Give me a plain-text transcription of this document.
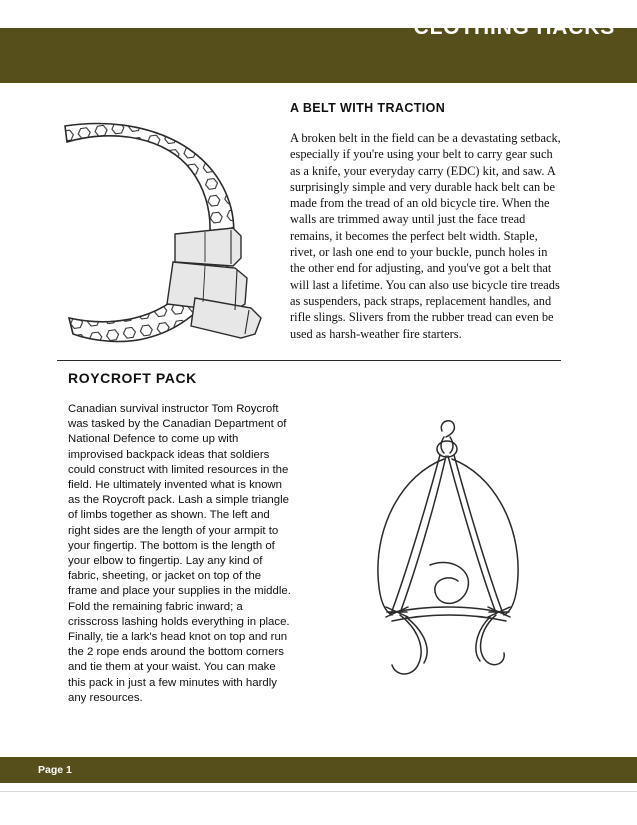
CLOTHING HACKS
A BELT WITH TRACTION
A broken belt in the field can be a devastating setback, especially if you're using your belt to carry gear such as a knife, your everyday carry (EDC) kit, and saw. A surprisingly simple and very durable hack belt can be made from the tread of an old bicycle tire. When the walls are trimmed away until just the face tread remains, it becomes the perfect belt width. Staple, rivet, or lash one end to your buckle, punch holes in the other end for adjusting, and you've got a belt that will last a lifetime. You can also use bicycle tire treads as suspenders, pack straps, replacement handles, and rifle slings. Slivers from the rubber tread can even be used as harsh-weather fire starters.
ROYCROFT PACK
Canadian survival instructor Tom Roycroft was tasked by the Canadian Department of National Defence to come up with improvised backpack ideas that soldiers could construct with limited resources in the field. He ultimately invented what is known as the Roycroft pack. Lash a simple triangle of limbs together as shown. The left and right sides are the length of your armpit to your fingertip. The bottom is the length of your elbow to fingertip. Lay any kind of fabric, sheeting, or jacket on top of the frame and place your supplies in the middle. Fold the remaining fabric inward; a crisscross lashing holds everything in place. Finally, tie a lark's head knot on top and run the 2 rope ends around the bottom corners and tie them at your waist. You can make this pack in just a few minutes with hardly any resources.
Page 1
